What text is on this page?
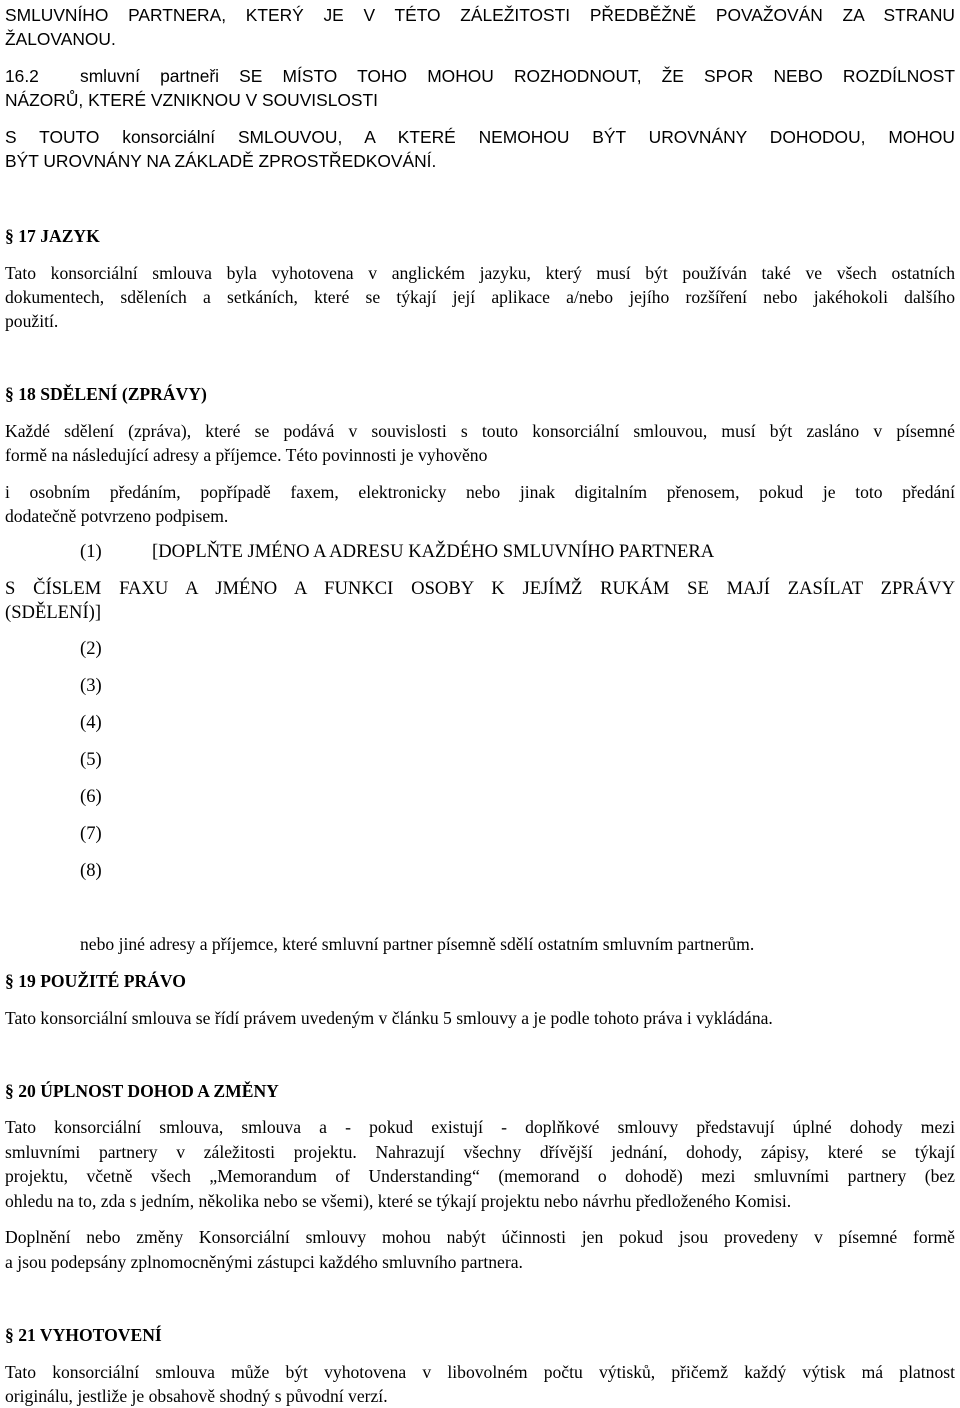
SMLUVNÍHO PARTNERA, KTERÝ JE V TÉTO ZÁLEŽITOSTI PŘEDBĚŽNĚ POVAŽOVÁN ZA STRANU
ŽALOVANOU.
16.2 smluvní partneři SE MÍSTO TOHO MOHOU ROZHODNOUT, ŽE SPOR NEBO ROZDÍLNOST
NÁZORŮ, KTERÉ VZNIKNOU V SOUVISLOSTI
S TOUTO konsorciální SMLOUVOU, A KTERÉ NEMOHOU BÝT UROVNÁNY DOHODOU, MOHOU
BÝT UROVNÁNY NA ZÁKLADĚ ZPROSTŘEDKOVÁNÍ.
§ 17 JAZYK
Tato konsorciální smlouva byla vyhotovena v anglickém jazyku, který musí být používán také ve všech ostatních
dokumentech, sděleních a setkáních, které se týkají její aplikace a/nebo jejího rozšíření nebo jakéhokoli dalšího
použití.
§ 18 SDĚLENÍ (ZPRÁVY)
Každé sdělení (zpráva), které se podává v souvislosti s touto konsorciální smlouvou, musí být zasláno v písemné
formě na následující adresy a příjemce. Této povinnosti je vyhověno
i osobním předáním, popřípadě faxem, elektronicky nebo jinak digitalním přenosem, pokud je toto předání
dodatečně potvrzeno podpisem.
(1)	[DOPLŇTE JMÉNO A ADRESU KAŽDÉHO SMLUVNÍHO PARTNERA
S ČÍSLEM FAXU A JMÉNO A FUNKCI OSOBY K JEJÍMŽ RUKÁM SE MAJÍ ZASÍLAT ZPRÁVY
(SDĚLENÍ)]
(2)
(3)
(4)
(5)
(6)
(7)
(8)
nebo jiné adresy a příjemce, které smluvní partner písemně sdělí ostatním smluvním partnerům.
§ 19 POUŽITÉ PRÁVO
Tato konsorciální smlouva se řídí právem uvedeným v článku 5 smlouvy a je podle tohoto práva i vykládána.
§ 20 ÚPLNOST DOHOD A ZMĚNY
Tato konsorciální smlouva, smlouva a - pokud existují - doplňkové smlouvy představují úplné dohody mezi
smluvními partnery v záležitosti projektu. Nahrazují všechny dřívější jednání, dohody, zápisy, které se týkají
projektu, včetně všech „Memorandum of Understanding“ (memorand o dohodě) mezi smluvními partnery (bez
ohledu na to, zda s jedním, několika nebo se všemi), které se týkají projektu nebo návrhu předloženého Komisi.
Doplnění nebo změny Konsorciální smlouvy mohou nabýt účinnosti jen pokud jsou provedeny v písemné formě
a jsou podepsány zplnomocněnými zástupci každého smluvního partnera.
§ 21 VYHOTOVENÍ
Tato konsorciální smlouva může být vyhotovena v libovolném počtu výtisků, přičemž každý výtisk má platnost
originálu, jestliže je obsahově shodný s původní verzí.
